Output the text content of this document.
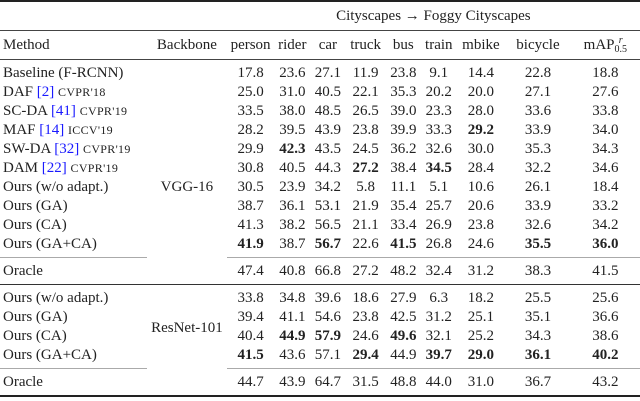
		Cityscapes → Foggy Cityscapes								
Method	Backbone	person	rider	car	truck	bus	train	mbike	bicycle	mAP r
0.5

Baseline (F-RCNN)	VGG-16	17.8	23.6	27.1	11.9	23.8	9.1	14.4	22.8	18.8
DAF [2] CVPR'18		25.0	31.0	40.5	22.1	35.3	20.2	20.0	27.1	27.6
SC-DA [41] CVPR'19		33.5	38.0	48.5	26.5	39.0	23.3	28.0	33.6	33.8
MAF [14] ICCV'19		28.2	39.5	43.9	23.8	39.9	33.3	29.2	33.9	34.0
SW-DA [32] CVPR'19		29.9	42.3	43.5	24.5	36.2	32.6	30.0	35.3	34.3
DAM [22] CVPR'19		30.8	40.5	44.3	27.2	38.4	34.5	28.4	32.2	34.6
Ours (w/o adapt.)		30.5	23.9	34.2	5.8	11.1	5.1	10.6	26.1	18.4
Ours (GA)		38.7	36.1	53.1	21.9	35.4	25.7	20.6	33.9	33.2
Ours (CA)		41.3	38.2	56.5	21.1	33.4	26.9	23.8	32.6	34.2
Ours (GA+CA)		41.9	38.7	56.7	22.6	41.5	26.8	24.6	35.5	36.0
Oracle		47.4	40.8	66.8	27.2	48.2	32.4	31.2	38.3	41.5
Ours (w/o adapt.)	ResNet-101	33.8	34.8	39.6	18.6	27.9	6.3	18.2	25.5	25.6
Ours (GA)		39.4	41.1	54.6	23.8	42.5	31.2	25.1	35.1	36.6
Ours (CA)		40.4	44.9	57.9	24.6	49.6	32.1	25.2	34.3	38.6
Ours (GA+CA)		41.5	43.6	57.1	29.4	44.9	39.7	29.0	36.1	40.2
Oracle		44.7	43.9	64.7	31.5	48.8	44.0	31.0	36.7	43.2
